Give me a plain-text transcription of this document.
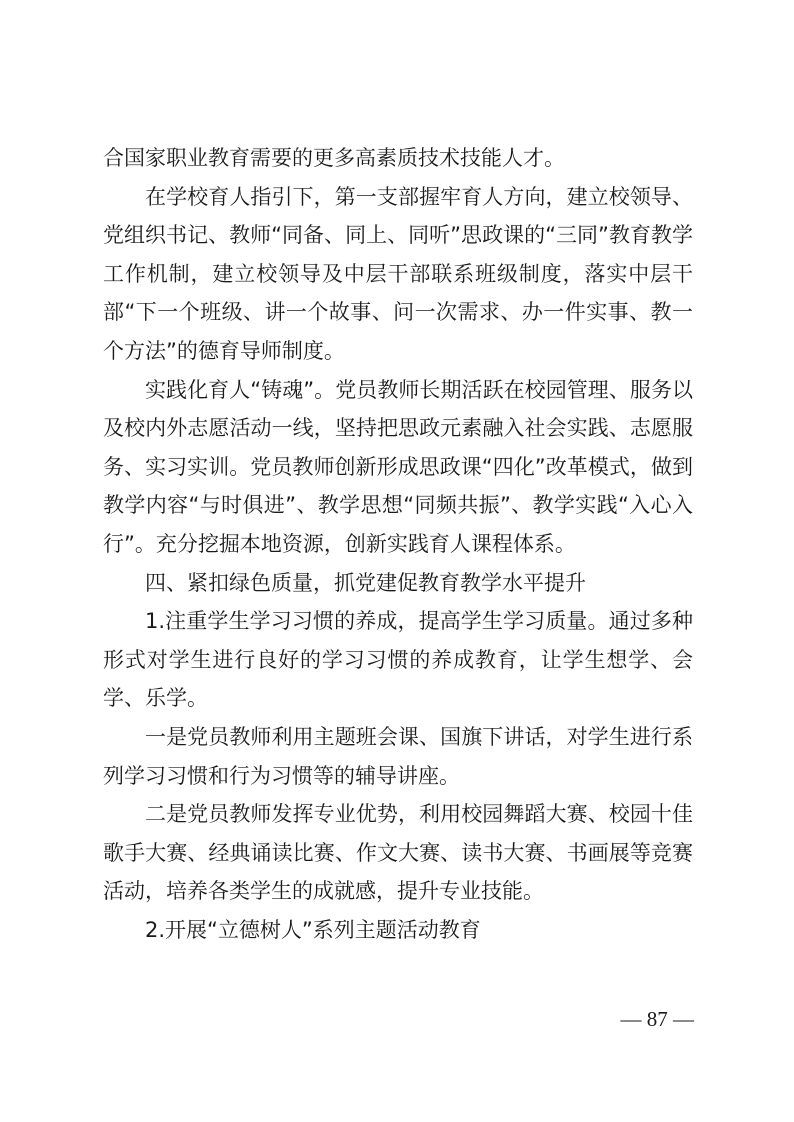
合国家职业教育需要的更多高素质技术技能人才。

在学校育人指引下，第一支部握牢育人方向，建立校领导、党组织书记、教师“同备、同上、同听”思政课的“三同”教育教学工作机制，建立校领导及中层干部联系班级制度，落实中层干部“下一个班级、讲一个故事、问一次需求、办一件实事、教一个方法”的德育导师制度。

实践化育人“铸魂”。党员教师长期活跃在校园管理、服务以及校内外志愿活动一线，坚持把思政元素融入社会实践、志愿服务、实习实训。党员教师创新形成思政课“四化”改革模式，做到教学内容“与时俱进”、教学思想“同频共振”、教学实践“入心入行”。充分挖掘本地资源，创新实践育人课程体系。

四、紧扣绿色质量，抓党建促教育教学水平提升

1.注重学生学习习惯的养成，提高学生学习质量。通过多种形式对学生进行良好的学习习惯的养成教育，让学生想学、会学、乐学。

一是党员教师利用主题班会课、国旗下讲话，对学生进行系列学习习惯和行为习惯等的辅导讲座。

二是党员教师发挥专业优势，利用校园舞蹈大赛、校园十佳歌手大赛、经典诵读比赛、作文大赛、读书大赛、书画展等竞赛活动，培养各类学生的成就感，提升专业技能。

2.开展“立德树人”系列主题活动教育

— 87 —
